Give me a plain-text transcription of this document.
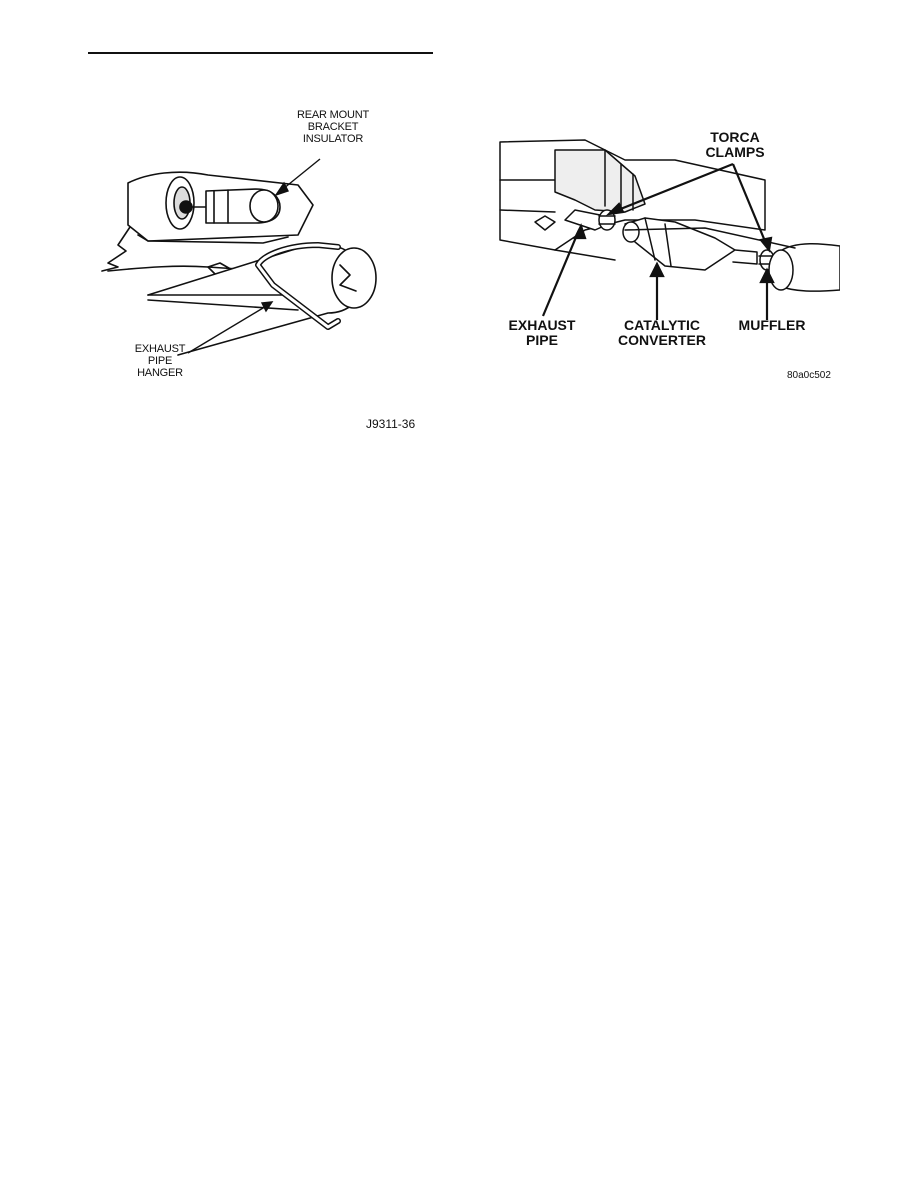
REAR MOUNT
BRACKET
INSULATOR
EXHAUST
PIPE
HANGER
J9311-36
TORCA
CLAMPS
EXHAUST
PIPE
CATALYTIC
CONVERTER
MUFFLER
80a0c502
